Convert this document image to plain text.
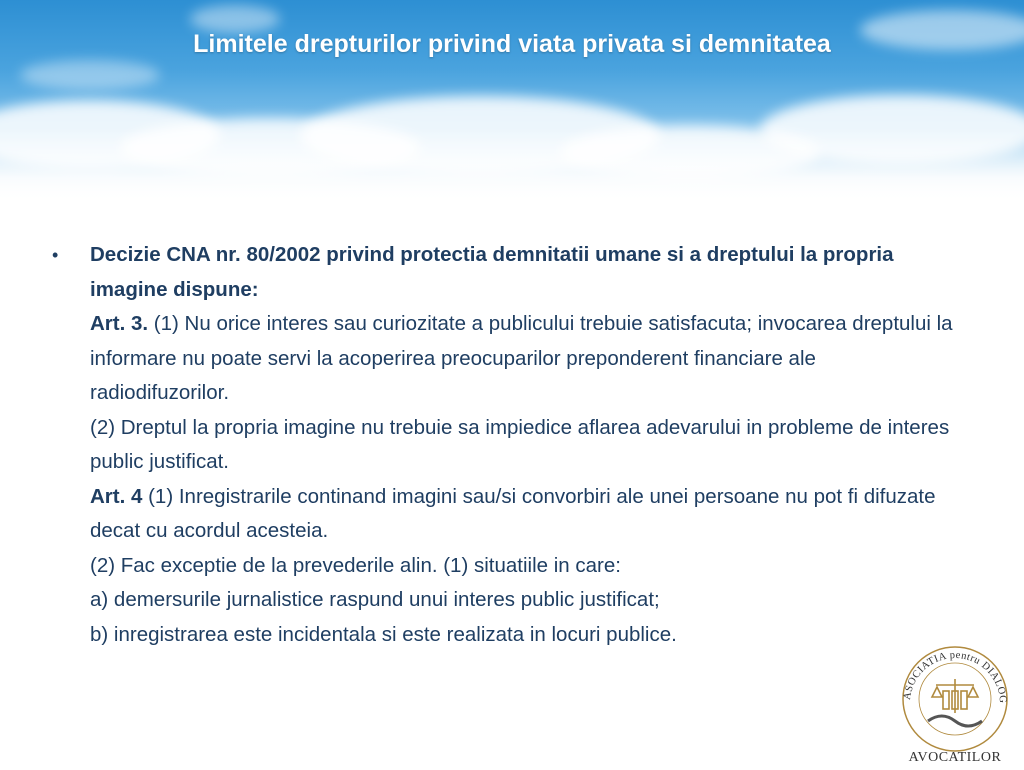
Limitele drepturilor privind viata privata si demnitatea
•	Decizie CNA nr. 80/2002 privind protectia demnitatii umane si a dreptului la propria imagine dispune:
Art. 3. (1) Nu orice interes sau curiozitate a publicului trebuie satisfacuta; invocarea dreptului la informare nu poate servi la acoperirea preocuparilor preponderent financiare ale radiodifuzorilor.
(2) Dreptul la propria imagine nu trebuie sa impiedice aflarea adevarului in probleme de interes public justificat.
Art. 4 (1) Inregistrarile continand imagini sau/si convorbiri ale unei persoane nu pot fi difuzate decat cu acordul acesteia.
(2) Fac exceptie de la prevederile alin. (1) situatiile in care:
a) demersurile jurnalistice raspund unui interes public justificat;
b) inregistrarea este incidentala si este realizata in locuri publice.
ASOCIATIA pentru DIALOG
AVOCATILOR
